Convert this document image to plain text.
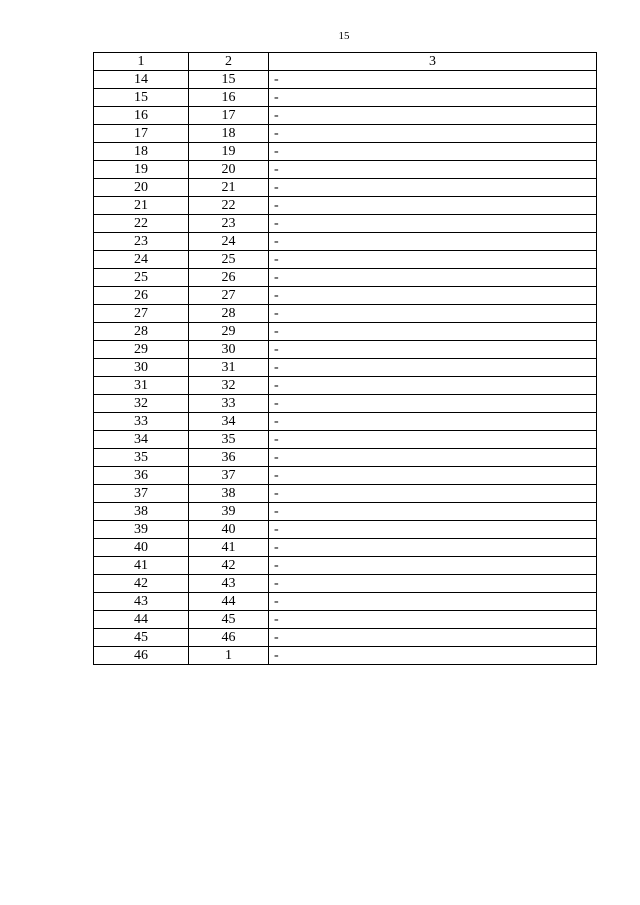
15
1	2	3
14	15	-
15	16	-
16	17	-
17	18	-
18	19	-
19	20	-
20	21	-
21	22	-
22	23	-
23	24	-
24	25	-
25	26	-
26	27	-
27	28	-
28	29	-
29	30	-
30	31	-
31	32	-
32	33	-
33	34	-
34	35	-
35	36	-
36	37	-
37	38	-
38	39	-
39	40	-
40	41	-
41	42	-
42	43	-
43	44	-
44	45	-
45	46	-
46	1	-
